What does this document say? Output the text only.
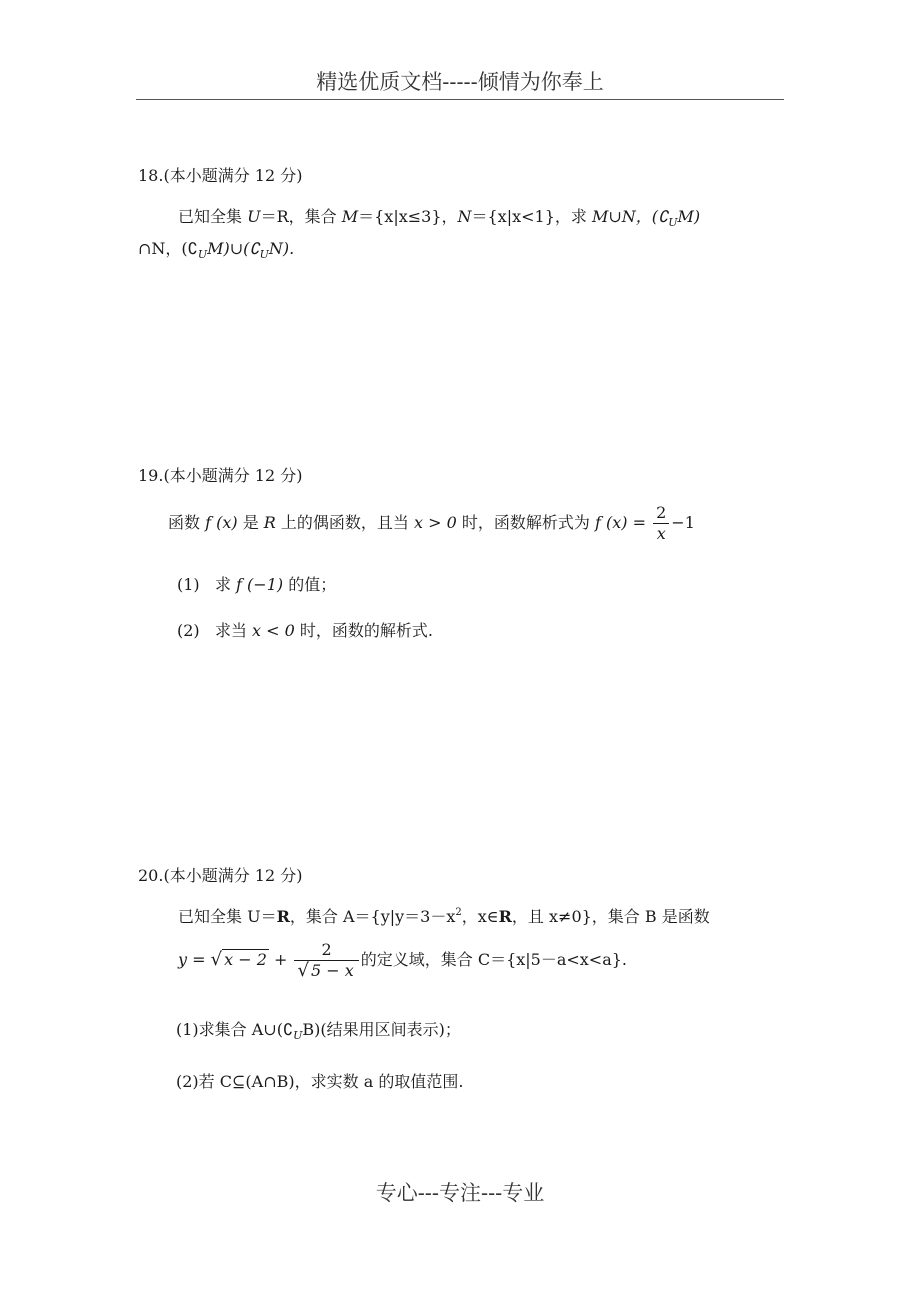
精选优质文档-----倾情为你奉上
18.(本小题满分 12 分)
已知全集 U＝R，集合 M＝{x|x≤3}，N＝{x|x<1}，求 M∪N，$(∁_UM)$
∩N，$(∁_UM)\cup(∁_UN)$.
19.(本小题满分 12 分)
函数 f (x) 是 R 上的偶函数，且当 x > 0 时，函数解析式为 f $(x) = \frac{2}{x} -1$
(1) 求 f (−1) 的值；
(2) 求当 x < 0 时，函数的解析式.
20.(本小题满分 12 分)
已知全集 U＝R，集合 $A=\{y|y=3-x^2$，x∈R，且 x≠0}，集合 B 是函数
y = √ $x - 2 + \frac{2}{√ 5 - x}$ 的定义域，集合 C＝{x|5－a<x<a}.
(1)求集合 $A\cup(∁_UB)$(结果用区间表示)；
(2)若 C⊆(A∩B)，求实数 a 的取值范围.
专心---专注---专业
